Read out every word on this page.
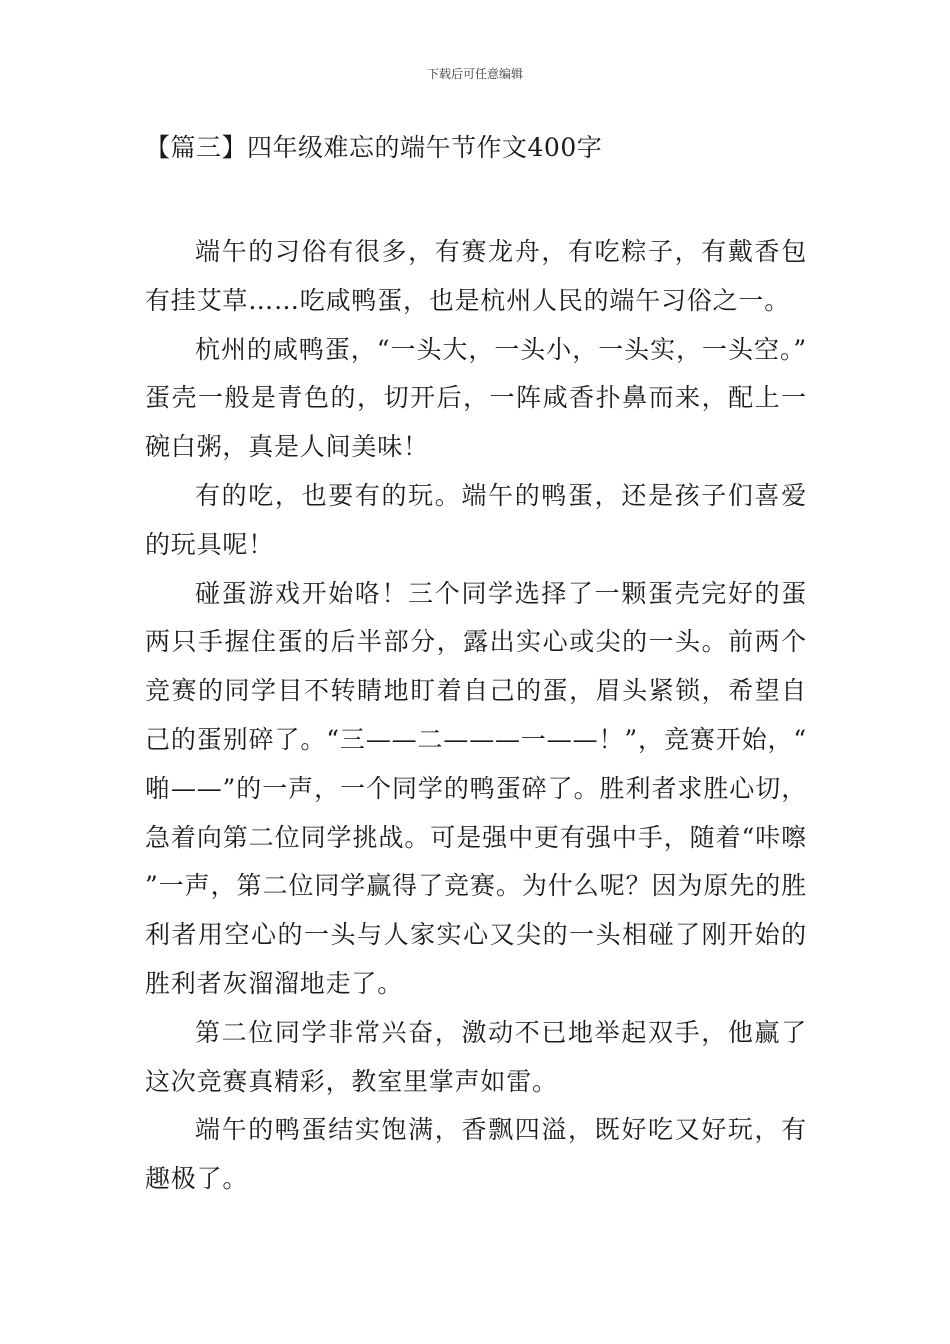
下载后可任意编辑
【篇三】四年级难忘的端午节作文400字

端午的习俗有很多，有赛龙舟，有吃粽子，有戴香包有挂艾草……吃咸鸭蛋，也是杭州人民的端午习俗之一。

杭州的咸鸭蛋，“一头大，一头小，一头实，一头空。”蛋壳一般是青色的，切开后，一阵咸香扑鼻而来，配上一碗白粥，真是人间美味！

有的吃，也要有的玩。端午的鸭蛋，还是孩子们喜爱的玩具呢！

碰蛋游戏开始咯！三个同学选择了一颗蛋壳完好的蛋两只手握住蛋的后半部分，露出实心或尖的一头。前两个竞赛的同学目不转睛地盯着自己的蛋，眉头紧锁，希望自己的蛋别碎了。“三——二———一——！”，竞赛开始，“啪——”的一声，一个同学的鸭蛋碎了。胜利者求胜心切，急着向第二位同学挑战。可是强中更有强中手，随着“咔嚓”一声，第二位同学赢得了竞赛。为什么呢？因为原先的胜利者用空心的一头与人家实心又尖的一头相碰了刚开始的胜利者灰溜溜地走了。

第二位同学非常兴奋，激动不已地举起双手，他赢了这次竞赛真精彩，教室里掌声如雷。

端午的鸭蛋结实饱满，香飘四溢，既好吃又好玩，有趣极了。
